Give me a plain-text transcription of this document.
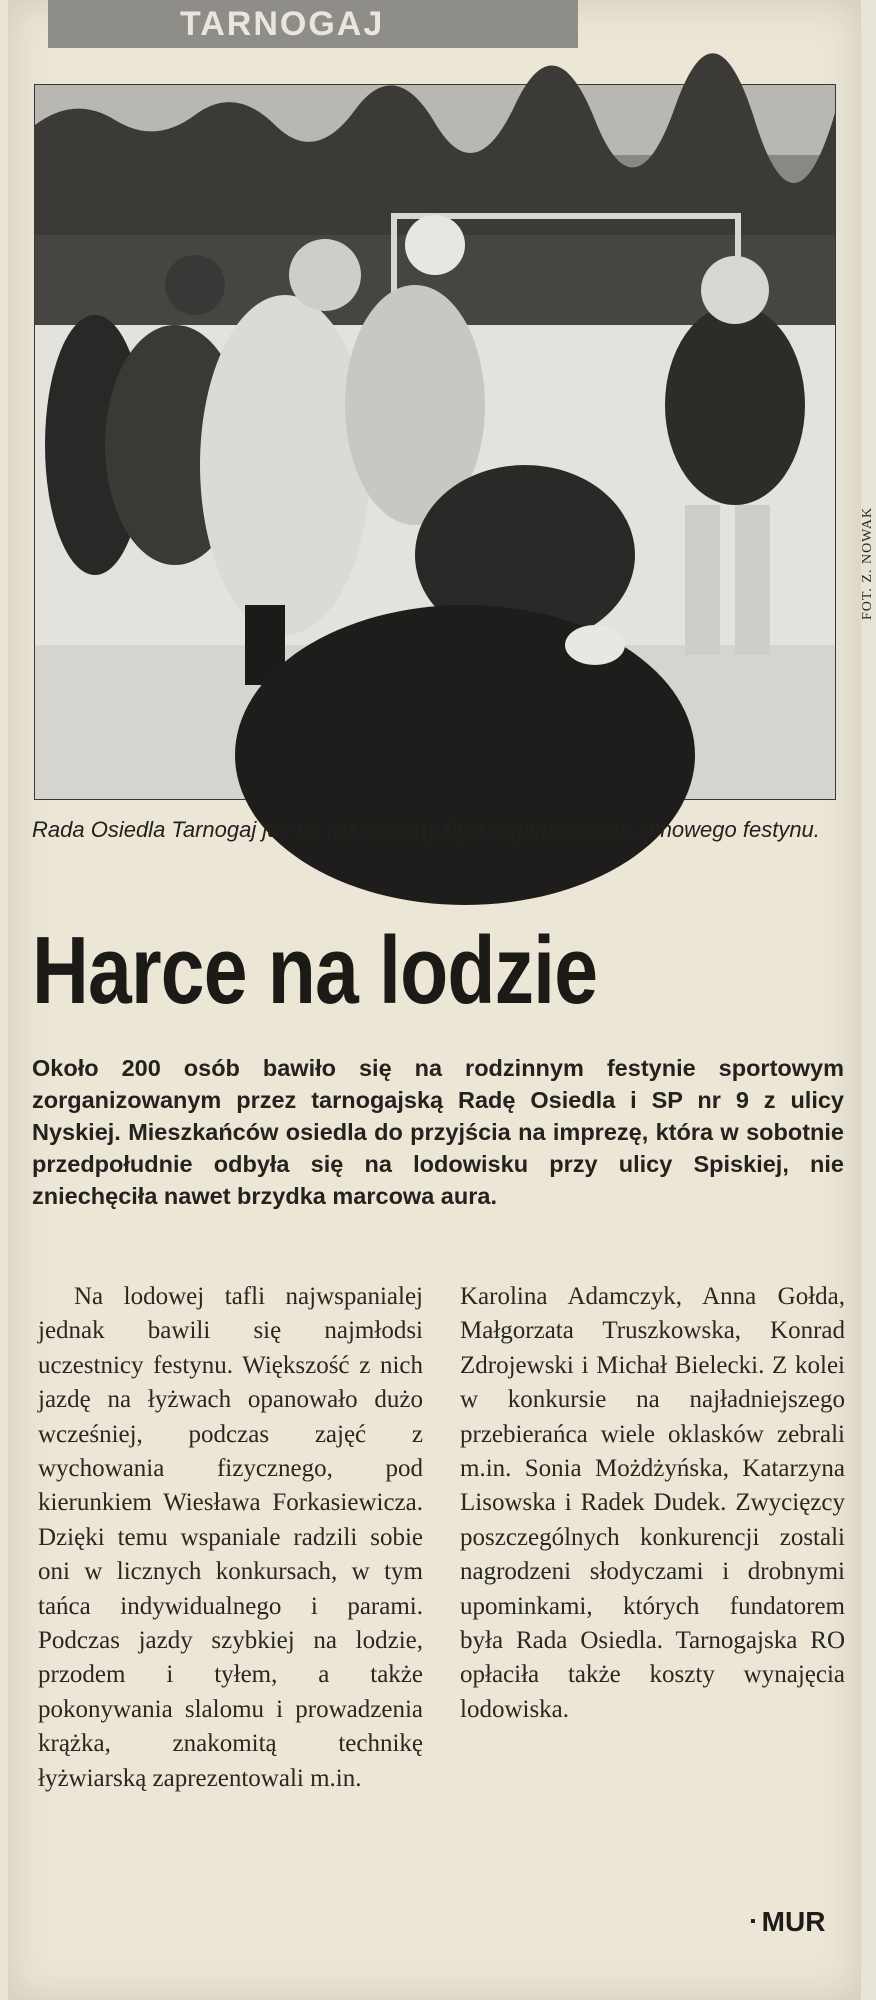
TARNOGAJ
FOT. Z. NOWAK
Rada Osiedla Tarnogaj już po raz czwarty była organizatorem zimowego festynu.
Harce na lodzie
Około 200 osób bawiło się na rodzinnym festynie sportowym zorganizowanym przez tarnogajską Radę Osiedla i SP nr 9 z ulicy Nyskiej. Mieszkańców osiedla do przyjścia na imprezę, która w sobotnie przedpołudnie odbyła się na lodowisku przy ulicy Spiskiej, nie zniechęciła nawet brzydka marcowa aura.
Na lodowej tafli najwspanialej jednak bawili się najmłodsi uczestnicy festynu. Większość z nich jazdę na łyżwach opanowało dużo wcześniej, podczas zajęć z wychowania fizycznego, pod kierunkiem Wiesława Forkasiewicza. Dzięki temu wspaniale radzili sobie oni w licznych konkursach, w tym tańca indywidualnego i parami. Podczas jazdy szybkiej na lodzie, przodem i tyłem, a także pokonywania slalomu i prowadzenia krążka, znakomitą technikę łyżwiarską zaprezentowali m.in.
Karolina Adamczyk, Anna Gołda, Małgorzata Truszkowska, Konrad Zdrojewski i Michał Bielecki. Z kolei w konkursie na najładniejszego przebierańca wiele oklasków zebrali m.in. Sonia Możdżyńska, Katarzyna Lisowska i Radek Dudek. Zwycięzcy poszczególnych konkurencji zostali nagrodzeni słodyczami i drobnymi upominkami, których fundatorem była Rada Osiedla. Tarnogajska RO opłaciła także koszty wynajęcia lodowiska.
▪ MUR
